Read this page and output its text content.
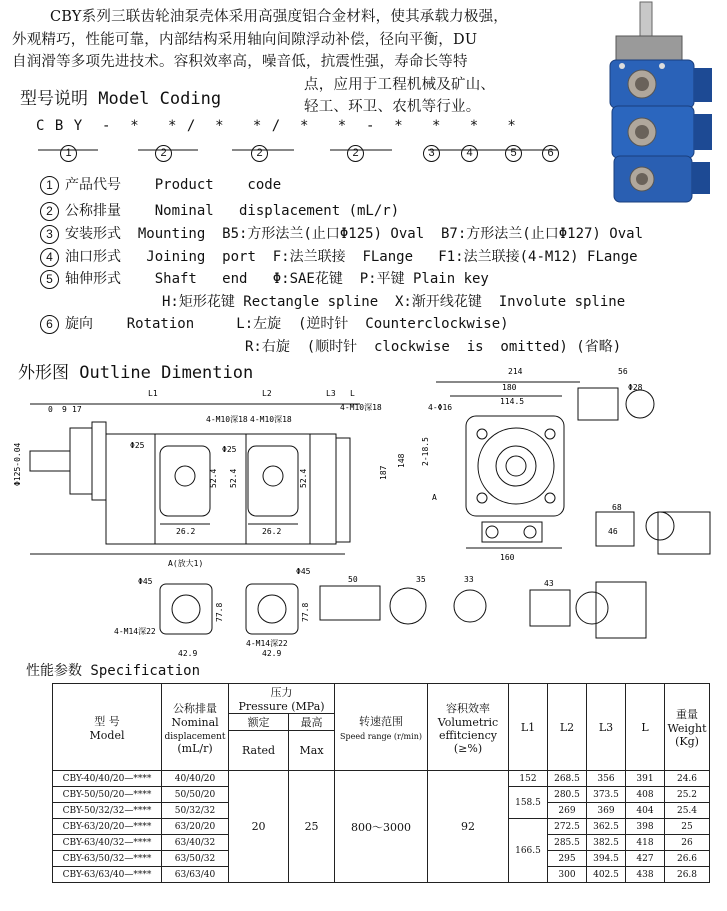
CBY系列三联齿轮油泵壳体采用高强度铝合金材料，使其承载力极强，
外观精巧，性能可靠，内部结构采用轴向间隙浮动补偿，径向平衡，DU
自润滑等多项先进技术。容积效率高，噪音低，抗震性强，寿命长等特
点，应用于工程机械及矿山、
轻工、环卫、农机等行业。
型号说明 Model Coding
C B Y  -  *   * /  *   * /  *   *  -  *   *   *   *
1	2	2	2	3	4	5	6
1 产品代号 Product    code
2 公称排量 Nominal   displacement (mL/r)
3 安装形式 Mounting  B5:方形法兰(止口Φ125) Oval  B7:方形法兰(止口Φ127) Oval
4 油口形式 Joining  port  F:法兰联接  FLange   F1:法兰联接(4-M12) FLange
5 轴伸形式 Shaft   end   Φ:SAE花键  P:平键 Plain key
H:矩形花键 Rectangle spline  X:渐开线花键  Involute spline
6 旋向 Rotation     L:左旋  (逆时针  Counterclockwise)
R:右旋  (顺时针  clockwise  is  omitted) (省略)
外形图 Outline Dimention
9
0 17
L1	L2	L3 L
4-M10深18 4-M10深18
4-M10深18
Φ25	Φ25
52.4 52.4	52.4
26.2	26.2
Φ125-0.04
A(放大1)
214
180
114.5
4-Φ16
2-18.5
148
187
160
A
56
Φ28
68
46
Φ45
Φ45
77.8	77.8
4-M14深22
4-M14深22
42.9	42.9
50	35	33	43
性能参数 Specification
型 号
Model	公称排量
Nominal
displacement
(mL/r)	压力
Pressure (MPa)		转速范围
Speed range (r/min)	容积效率
Volumetric
effitciency
(≥%)	L1	L2	L3	L	重量
Weight
(Kg)
		额定	最高							
		Rated	Max							
CBY-40/40/20—****	40/40/20	20	25	800～3000	92	152	268.5	356	391	24.6
CBY-50/50/20—****	50/50/20					158.5	280.5	373.5	408	25.2
CBY-50/32/32—****	50/32/32						269	369	404	25.4
CBY-63/20/20—****	63/20/20					166.5	272.5	362.5	398	25
CBY-63/40/32—****	63/40/32						285.5	382.5	418	26
CBY-63/50/32—****	63/50/32						295	394.5	427	26.6
CBY-63/63/40—****	63/63/40						300	402.5	438	26.8
